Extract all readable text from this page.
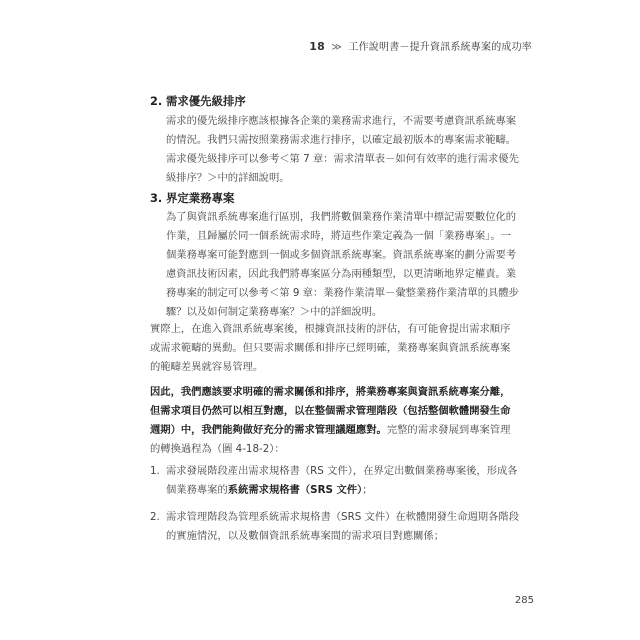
18 ≫ 工作說明書－提升資訊系統專案的成功率
2. 需求優先級排序

需求的優先級排序應該根據各企業的業務需求進行，不需要考慮資訊系統專案

的情況。我們只需按照業務需求進行排序，以確定最初版本的專案需求範疇。

需求優先級排序可以參考＜第 7 章：需求清單表－如何有效率的進行需求優先

級排序？＞中的詳細說明。

3. 界定業務專案

為了與資訊系統專案進行區別，我們將數個業務作業清單中標記需要數位化的

作業，且歸屬於同一個系統需求時，將這些作業定義為一個「業務專案」。一

個業務專案可能對應到一個或多個資訊系統專案。資訊系統專案的劃分需要考

慮資訊技術因素，因此我們將專案區分為兩種類型，以更清晰地界定權責。業

務專案的制定可以參考＜第 9 章：業務作業清單－彙整業務作業清單的具體步

驟？以及如何制定業務專案？＞中的詳細說明。

實際上，在進入資訊系統專案後，根據資訊技術的評估，有可能會提出需求順序

或需求範疇的異動。但只要需求關係和排序已經明確，業務專案與資訊系統專案

的範疇差異就容易管理。

因此，我們應該要求明確的需求關係和排序，將業務專案與資訊系統專案分離，

但需求項目仍然可以相互對應，以在整個需求管理階段（包括整個軟體開發生命

週期）中，我們能夠做好充分的需求管理議題應對。完整的需求發展到專案管理

的轉換過程為（圖 4-18-2）：

1. 需求發展階段產出需求規格書（RS 文件），在界定出數個業務專案後，形成各

個業務專案的系統需求規格書（SRS 文件）；

2. 需求管理階段為管理系統需求規格書（SRS 文件）在軟體開發生命週期各階段

的實施情況，以及數個資訊系統專案間的需求項目對應關係；

285
